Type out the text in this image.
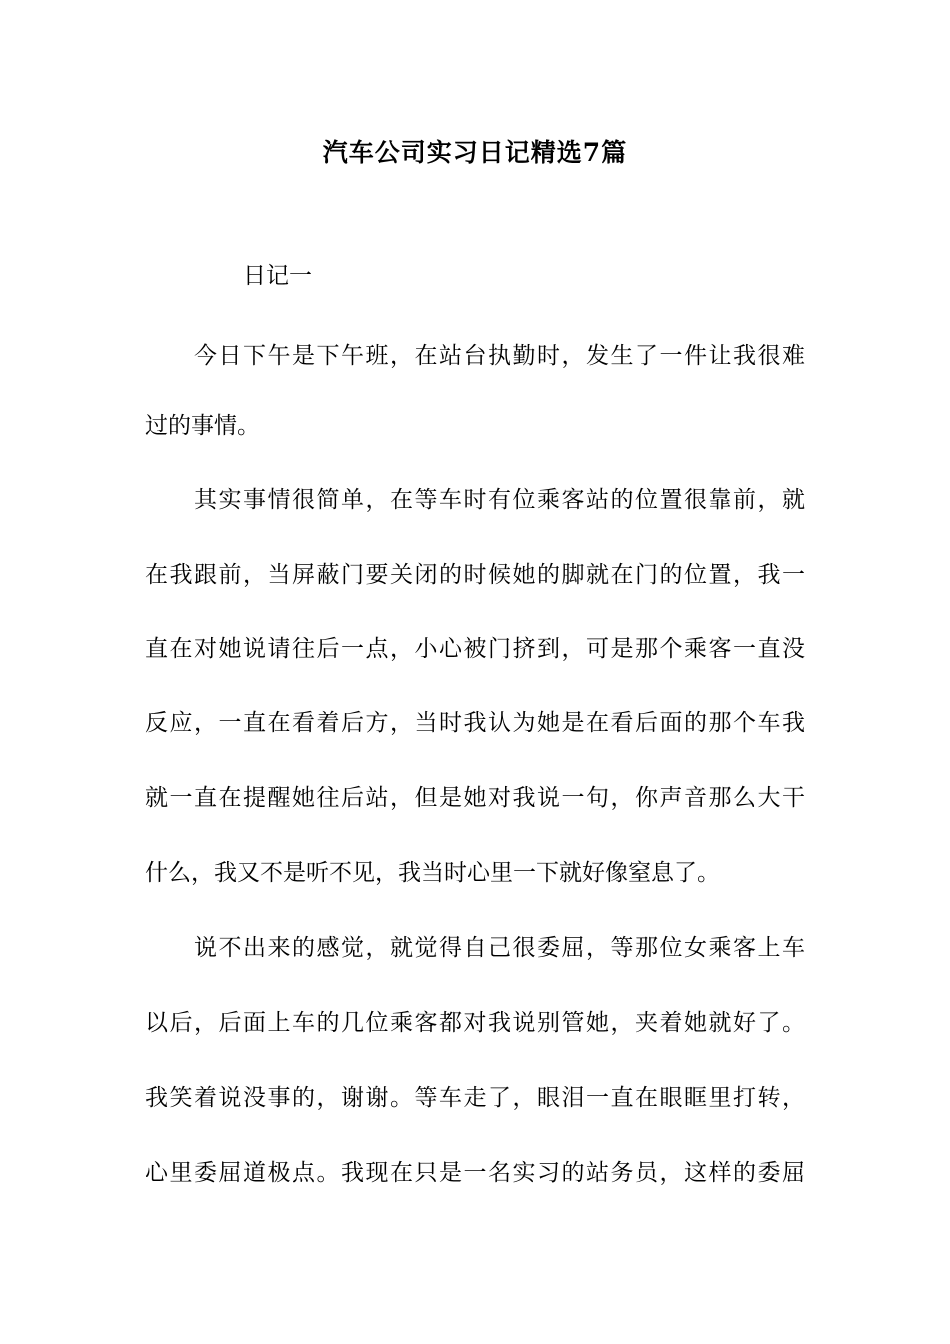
汽车公司实习日记精选7篇
日记一
今日下午是下午班，在站台执勤时，发生了一件让我很难
过的事情。
其实事情很简单，在等车时有位乘客站的位置很靠前，就
在我跟前，当屏蔽门要关闭的时候她的脚就在门的位置，我一
直在对她说请往后一点，小心被门挤到，可是那个乘客一直没
反应，一直在看着后方，当时我认为她是在看后面的那个车我
就一直在提醒她往后站，但是她对我说一句，你声音那么大干
什么，我又不是听不见，我当时心里一下就好像窒息了。
说不出来的感觉，就觉得自己很委屈，等那位女乘客上车
以后，后面上车的几位乘客都对我说别管她，夹着她就好了。
我笑着说没事的，谢谢。等车走了，眼泪一直在眼眶里打转，
心里委屈道极点。我现在只是一名实习的站务员，这样的委屈
